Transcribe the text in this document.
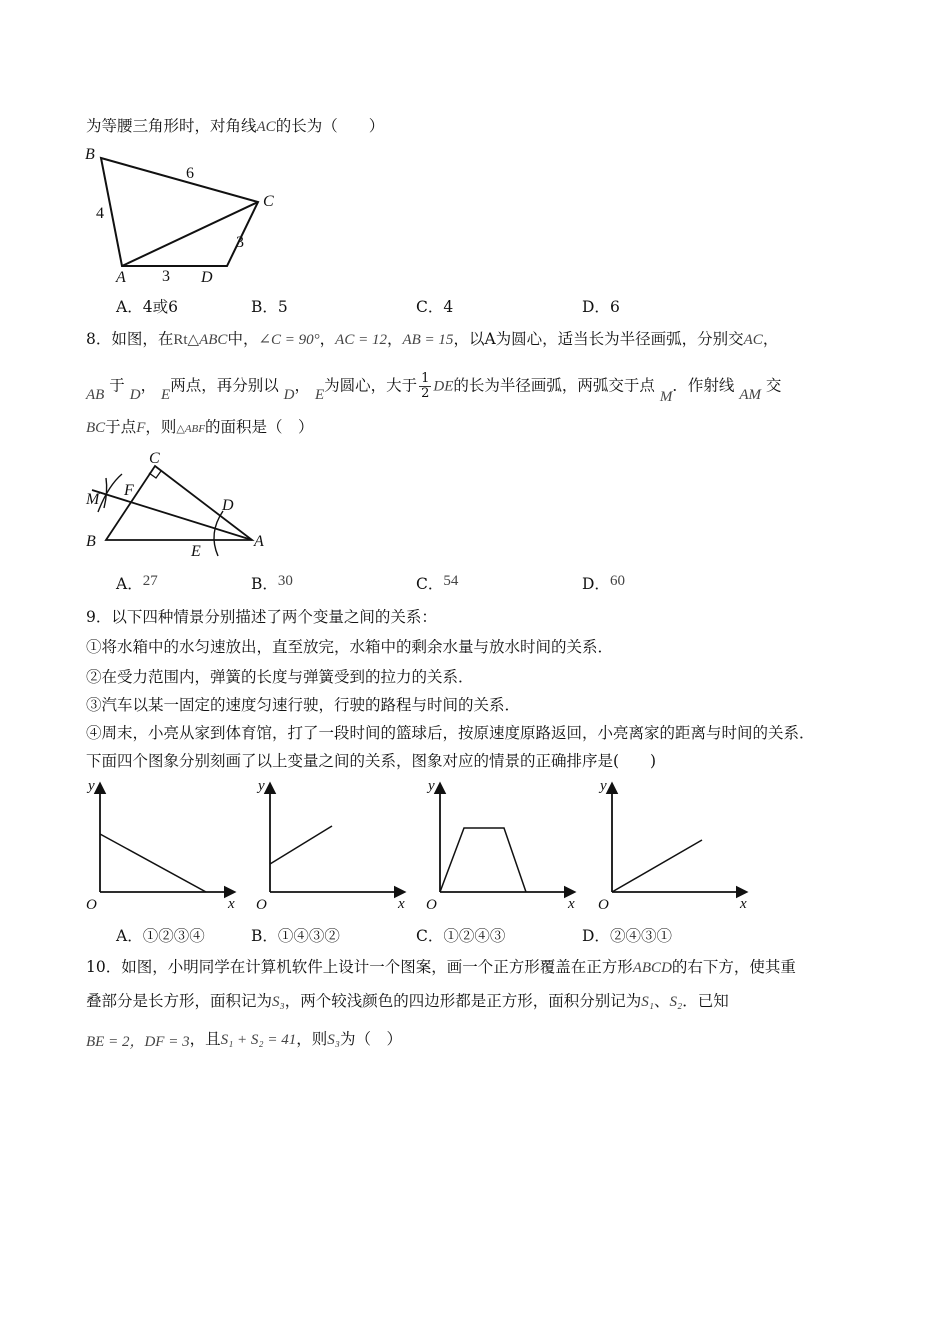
为等腰三角形时，对角线AC的长为（　　）
B
C
A	D
6
4
3
3
A．4或6	B．5	C．4	D．6
8．如图，在Rt△ABC中，∠C = 90°，AC = 12，AB = 15，以A为圆心，适当长为半径画弧，分别交AC，
AB 于 D， E两点，再分别以 D， E为圆心，大于 $\frac{1}{2}$ DE的长为半径画弧，两弧交于点 M．作射线 AM 交
BC于点F，则△ABF的面积是（　）
C
F
M	D
B
E
A
A．27	B．30	C．54	D．60
9．以下四种情景分别描述了两个变量之间的关系：
①将水箱中的水匀速放出，直至放完，水箱中的剩余水量与放水时间的关系．
②在受力范围内，弹簧的长度与弹簧受到的拉力的关系．
③汽车以某一固定的速度匀速行驶，行驶的路程与时间的关系．
④周末，小亮从家到体育馆，打了一段时间的篮球后，按原速度原路返回，小亮离家的距离与时间的关系．
下面四个图象分别刻画了以上变量之间的关系，图象对应的情景的正确排序是(　　)
y
x
O
y
x
O
y
x
O
y
x
O
A．①②③④	B．①④③②	C．①②④③	D．②④③①
10．如图，小明同学在计算机软件上设计一个图案，画一个正方形覆盖在正方形ABCD的右下方，使其重
叠部分是长方形，面积记为S₃，两个较浅颜色的四边形都是正方形，面积分别记为S₁、S₂．已知
BE = 2，DF = 3，且S₁ + S₂ = 41，则S₃为（　）
